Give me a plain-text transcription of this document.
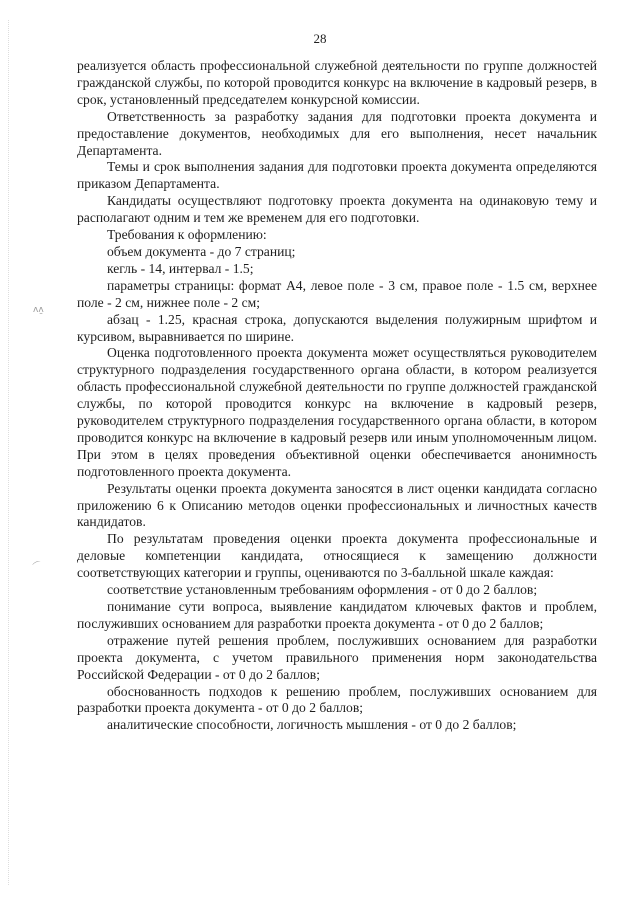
ʌʌ̱
⌒
28

реализуется область профессиональной служебной деятельности по группе должностей гражданской службы, по которой проводится конкурс на включение в кадровый резерв, в срок, установленный председателем конкурсной комиссии.

Ответственность за разработку задания для подготовки проекта документа и предоставление документов, необходимых для его выполнения, несет начальник Департамента.

Темы и срок выполнения задания для подготовки проекта документа определяются приказом Департамента.

Кандидаты осуществляют подготовку проекта документа на одинаковую тему и располагают одним и тем же временем для его подготовки.

Требования к оформлению:

объем документа - до 7 страниц;

кегль - 14, интервал - 1.5;

параметры страницы: формат А4, левое поле - 3 см, правое поле - 1.5 см, верхнее поле - 2 см, нижнее поле - 2 см;

абзац - 1.25, красная строка, допускаются выделения полужирным шрифтом и курсивом, выравнивается по ширине.

Оценка подготовленного проекта документа может осуществляться руководителем структурного подразделения государственного органа области, в котором реализуется область профессиональной служебной деятельности по группе должностей гражданской службы, по которой проводится конкурс на включение в кадровый резерв, руководителем структурного подразделения государственного органа области, в котором проводится конкурс на включение в кадровый резерв или иным уполномоченным лицом. При этом в целях проведения объективной оценки обеспечивается анонимность подготовленного проекта документа.

Результаты оценки проекта документа заносятся в лист оценки кандидата согласно приложению 6 к Описанию методов оценки профессиональных и личностных качеств кандидатов.

По результатам проведения оценки проекта документа профессиональные и деловые компетенции кандидата, относящиеся к замещению должности соответствующих категории и группы, оцениваются по 3-балльной шкале каждая:

соответствие установленным требованиям оформления - от 0 до 2 баллов;

понимание сути вопроса, выявление кандидатом ключевых фактов и проблем, послуживших основанием для разработки проекта документа - от 0 до 2 баллов;

отражение путей решения проблем, послуживших основанием для разработки проекта документа, с учетом правильного применения норм законодательства Российской Федерации - от 0 до 2 баллов;

обоснованность подходов к решению проблем, послуживших основанием для разработки проекта документа - от 0 до 2 баллов;

аналитические способности, логичность мышления - от 0 до 2 баллов;
